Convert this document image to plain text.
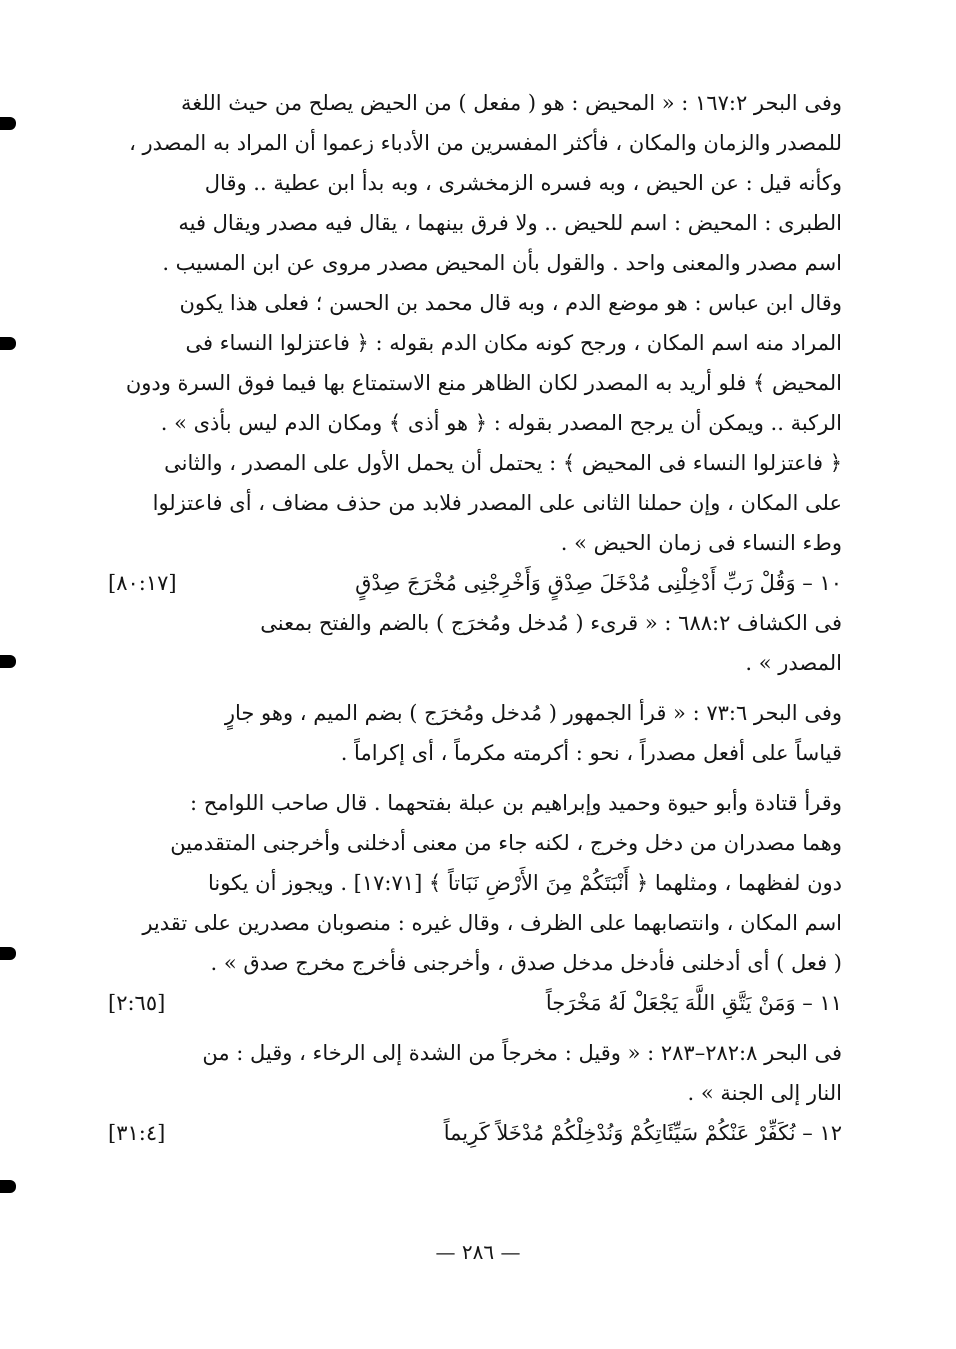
وفى البحر ١٦٧:٢ : « المحيض : هو ( مفعل ) من الحيض يصلح من حيث اللغة
للمصدر والزمان والمكان ، فأكثر المفسرين من الأدباء زعموا أن المراد به المصدر ،
وكأنه قيل : عن الحيض ، وبه فسره الزمخشرى ، وبه بدأ ابن عطية .. وقال
الطبرى : المحيض : اسم للحيض .. ولا فرق بينهما ، يقال فيه مصدر ويقال فيه
اسم مصدر والمعنى واحد . والقول بأن المحيض مصدر مروى عن ابن المسيب .
وقال ابن عباس : هو موضع الدم ، وبه قال محمد بن الحسن ؛ فعلى هذا يكون
المراد منه اسم المكان ، ورجح كونه مكان الدم بقوله : ﴿ فاعتزلوا النساء فى
المحيض ﴾ فلو أريد به المصدر لكان الظاهر منع الاستمتاع بها فيما فوق السرة ودون
الركبة .. ويمكن أن يرجح المصدر بقوله : ﴿ هو أذى ﴾ ومكان الدم ليس بأذى » .
﴿ فاعتزلوا النساء فى المحيض ﴾ : يحتمل أن يحمل الأول على المصدر ، والثانى
على المكان ، وإن حملنا الثانى على المصدر فلابد من حذف مضاف ، أى فاعتزلوا
وطء النساء فى زمان الحيض » .
١٠ – وَقُلْ رَبِّ أَدْخِلْنِى مُدْخَلَ صِدْقٍ وَأَخْرِجْنِى مُخْرَجَ صِدْقٍ
[٨٠:١٧]
فى الكشاف ٦٨٨:٢ : « قرىء ( مُدخل ومُخرَج ) بالضم والفتح بمعنى
المصدر » .
وفى البحر ٧٣:٦ : « قرأ الجمهور ( مُدخل ومُخرَج ) بضم الميم ، وهو جارٍ
قياساً على أفعل مصدراً ، نحو : أكرمته مكرماً ، أى إكراماً .
وقرأ قتادة وأبو حيوة وحميد وإبراهيم بن عبلة بفتحهما . قال صاحب اللوامح :
وهما مصدران من دخل وخرج ، لكنه جاء من معنى أدخلنى وأخرجنى المتقدمين
دون لفظهما ، ومثلهما ﴿ أَنْبَتَكُمْ مِنَ الأَرْضِ نَبَاتاً ﴾ [١٧:٧١] . ويجوز أن يكونا
اسم المكان ، وانتصابهما على الظرف ، وقال غيره : منصوبان مصدرين على تقدير
( فعل ) أى أدخلنى فأدخل مدخل صدق ، وأخرجنى فأخرج مخرج صدق » .
١١ – وَمَنْ يَتَّقِ اللَّهَ يَجْعَلْ لَهُ مَخْرَجاً
[٢:٦٥]
فى البحر ٢٨٢:٨–٢٨٣ : « وقيل : مخرجاً من الشدة إلى الرخاء ، وقيل : من
النار إلى الجنة » .
١٢ – نُكَفِّرْ عَنْكُمْ سَيِّئَاتِكُمْ وَنُدْخِلْكُمْ مُدْخَلاً كَرِيماً
[٣١:٤]
— ٢٨٦ —
